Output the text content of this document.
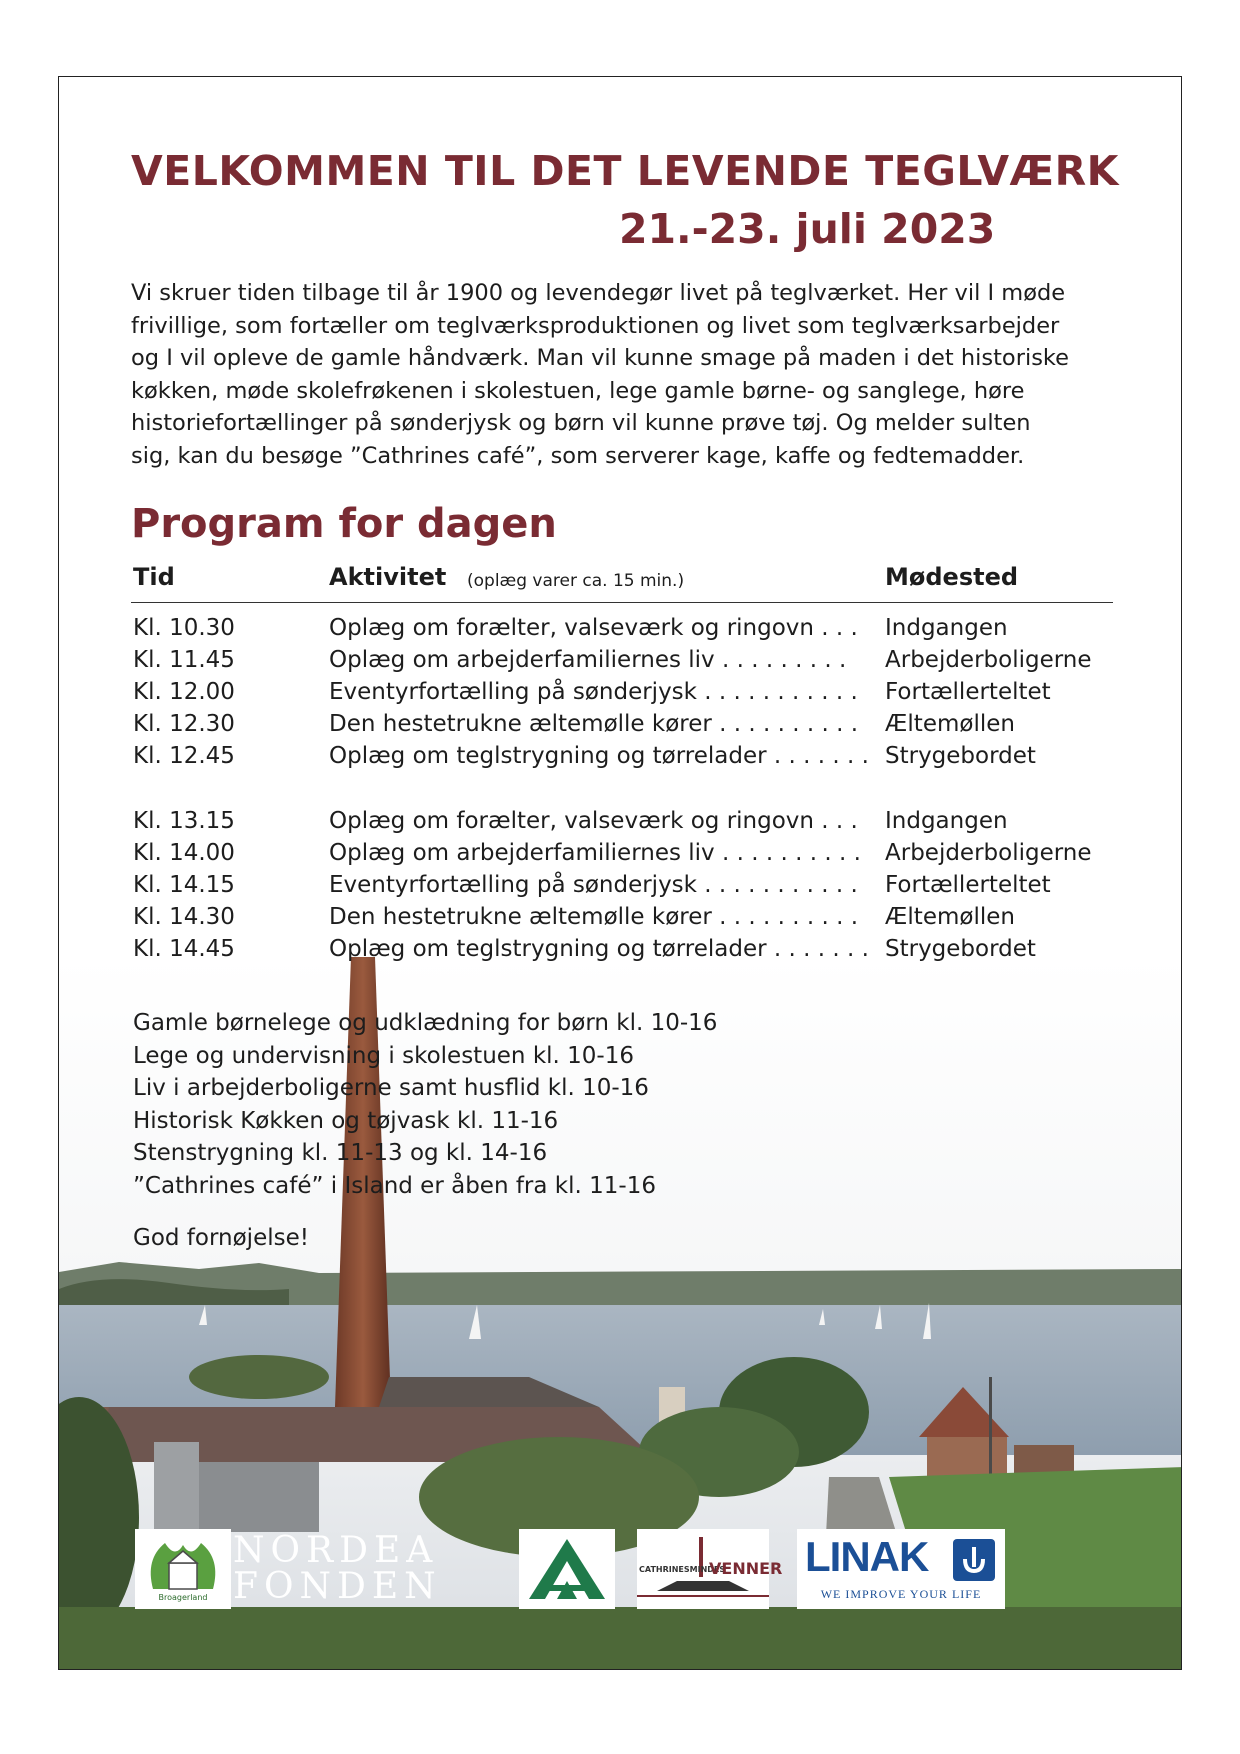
VELKOMMEN TIL DET LEVENDE TEGLVÆRK
21.-23. juli 2023
Vi skruer tiden tilbage til år 1900 og levendegør livet på teglværket. Her vil I møde
frivillige, som fortæller om teglværksproduktionen og livet som teglværksarbejder
og I vil opleve de gamle håndværk. Man vil kunne smage på maden i det historiske
køkken, møde skolefrøkenen i skolestuen, lege gamle børne- og sanglege, høre
historiefortællinger på sønderjysk og børn vil kunne prøve tøj. Og melder sulten
sig, kan du besøge ”Cathrines café”, som serverer kage, kaffe og fedtemadder.
Program for dagen
Tid	Aktivitet (oplæg varer ca. 15 min.)	Mødested
Kl. 10.30	Oplæg om forælter, valseværk og ringovn . . . Indgangen
Kl. 11.45	Oplæg om arbejderfamiliernes liv . . . . . . . . . Arbejderboligerne
Kl. 12.00	Eventyrfortælling på sønderjysk . . . . . . . . . . . Fortællerteltet
Kl. 12.30	Den hestetrukne æltemølle kører . . . . . . . . . . Æltemøllen
Kl. 12.45	Oplæg om teglstrygning og tørrelader . . . . . . . Strygebordet
Kl. 13.15	Oplæg om forælter, valseværk og ringovn . . . Indgangen
Kl. 14.00	Oplæg om arbejderfamiliernes liv . . . . . . . . . . Arbejderboligerne
Kl. 14.15	Eventyrfortælling på sønderjysk . . . . . . . . . . . Fortællerteltet
Kl. 14.30	Den hestetrukne æltemølle kører . . . . . . . . . . Æltemøllen
Kl. 14.45	Oplæg om teglstrygning og tørrelader . . . . . . . Strygebordet
Gamle børnelege og udklædning for børn kl. 10-16
Lege og undervisning i skolestuen kl. 10-16
Liv i arbejderboligerne samt husflid kl. 10-16
Historisk Køkken og tøjvask kl. 11-16
Stenstrygning kl. 11-13 og kl. 14-16
”Cathrines café” i Island er åben fra kl. 11-16
God fornøjelse!
Broagerland
NORDEA
FONDEN	CATHRINESMINDES
VENNER LINAK
WE IMPROVE YOUR LIFE
